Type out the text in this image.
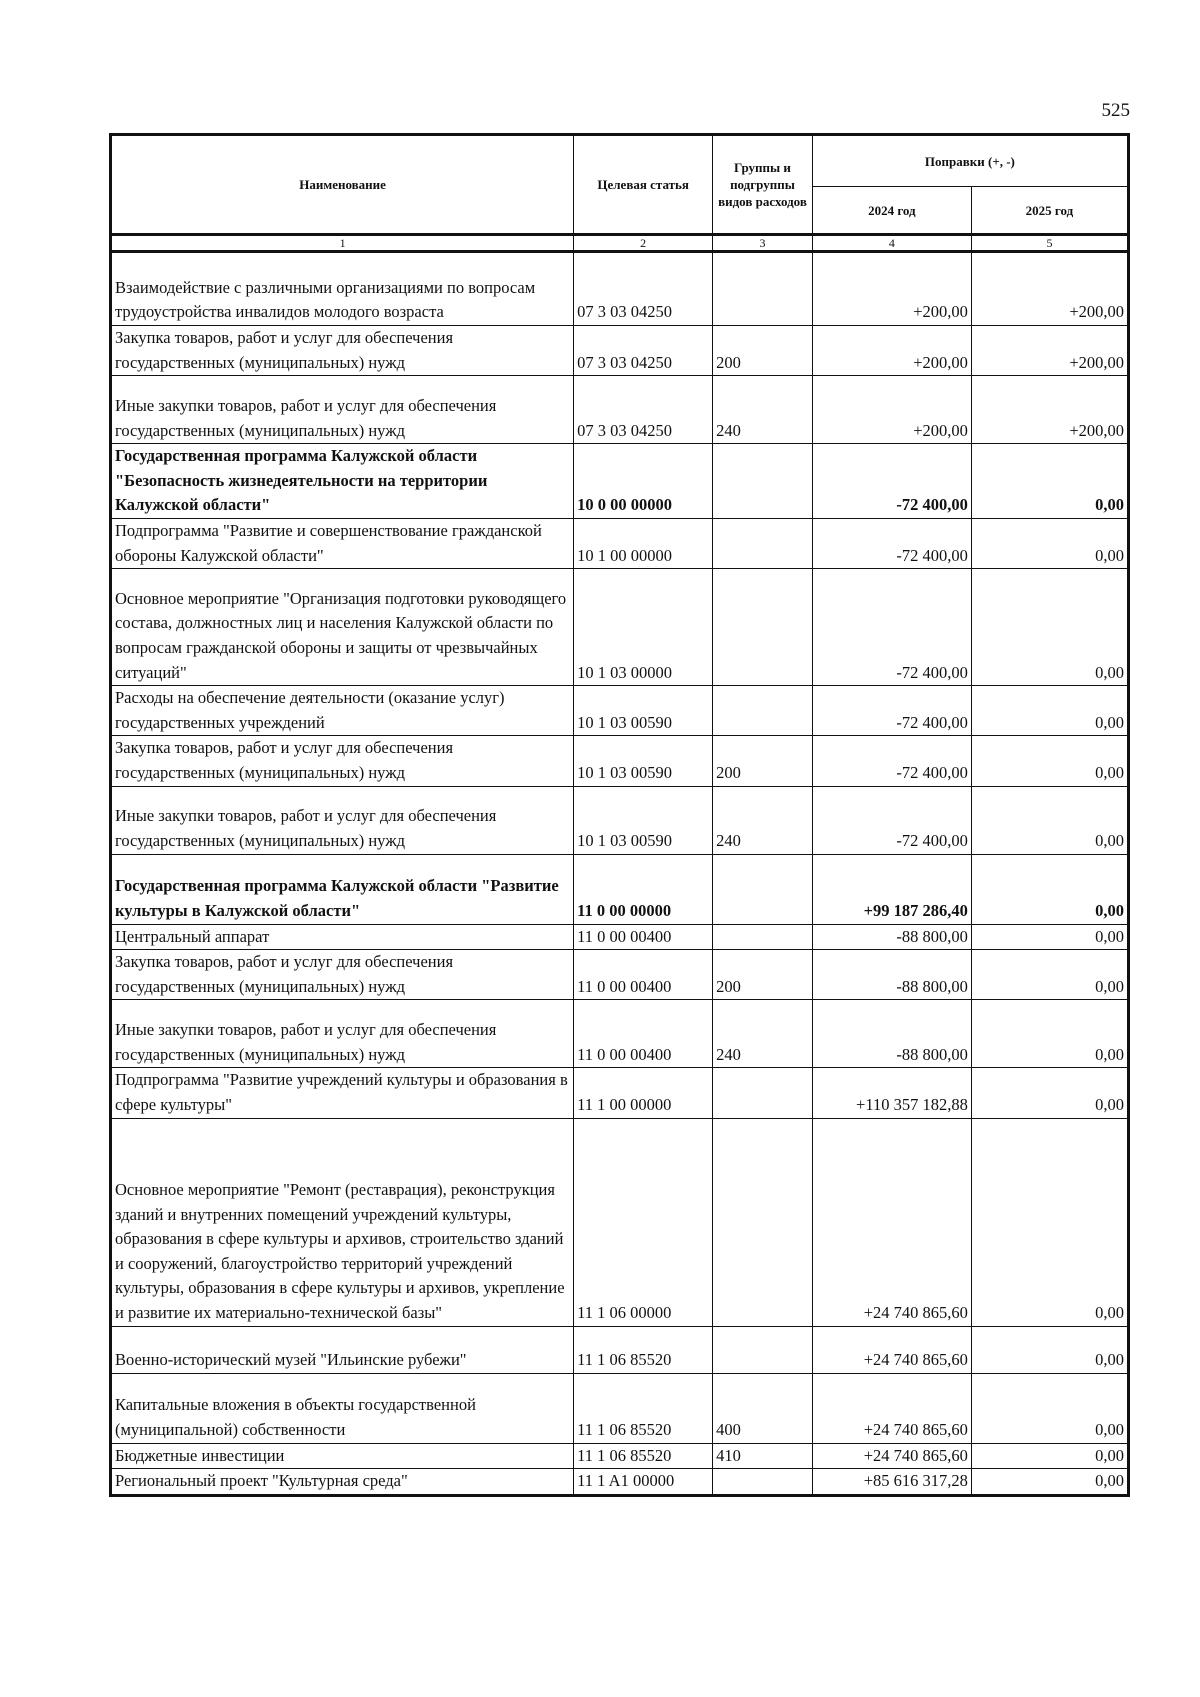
525
Наименование	Целевая статья	Группы и подгруппы видов расходов	Поправки (+, -)	
			2024 год	2025 год
1	2	3	4	5
Взаимодействие с различными организациями по вопросам трудоустройства инвалидов молодого возраста	07 3 03 04250		+200,00	+200,00
Закупка товаров, работ и услуг для обеспечения государственных (муниципальных) нужд	07 3 03 04250	200	+200,00	+200,00
Иные закупки товаров, работ и услуг для обеспечения государственных (муниципальных) нужд	07 3 03 04250	240	+200,00	+200,00
Государственная программа Калужской области "Безопасность жизнедеятельности на территории Калужской области"	10 0 00 00000		-72 400,00	0,00
Подпрограмма "Развитие и совершенствование гражданской обороны Калужской области"	10 1 00 00000		-72 400,00	0,00
Основное мероприятие "Организация подготовки руководящего состава, должностных лиц и населения Калужской области по вопросам гражданской обороны и защиты от чрезвычайных ситуаций"	10 1 03 00000		-72 400,00	0,00
Расходы на обеспечение деятельности (оказание услуг) государственных учреждений	10 1 03 00590		-72 400,00	0,00
Закупка товаров, работ и услуг для обеспечения государственных (муниципальных) нужд	10 1 03 00590	200	-72 400,00	0,00
Иные закупки товаров, работ и услуг для обеспечения государственных (муниципальных) нужд	10 1 03 00590	240	-72 400,00	0,00
Государственная программа Калужской области "Развитие культуры в Калужской области"	11 0 00 00000		+99 187 286,40	0,00
Центральный аппарат	11 0 00 00400		-88 800,00	0,00
Закупка товаров, работ и услуг для обеспечения государственных (муниципальных) нужд	11 0 00 00400	200	-88 800,00	0,00
Иные закупки товаров, работ и услуг для обеспечения государственных (муниципальных) нужд	11 0 00 00400	240	-88 800,00	0,00
Подпрограмма "Развитие учреждений культуры и образования в сфере культуры"	11 1 00 00000		+110 357 182,88	0,00
Основное мероприятие "Ремонт (реставрация), реконструкция зданий и внутренних помещений учреждений культуры, образования в сфере культуры и архивов, строительство зданий и сооружений, благоустройство территорий учреждений культуры, образования в сфере культуры и архивов, укрепление и развитие их материально-технической базы"	11 1 06 00000		+24 740 865,60	0,00
Военно-исторический музей "Ильинские рубежи"	11 1 06 85520		+24 740 865,60	0,00
Капитальные вложения в объекты государственной (муниципальной) собственности	11 1 06 85520	400	+24 740 865,60	0,00
Бюджетные инвестиции	11 1 06 85520	410	+24 740 865,60	0,00
Региональный проект "Культурная среда"	11 1 A1 00000		+85 616 317,28	0,00
